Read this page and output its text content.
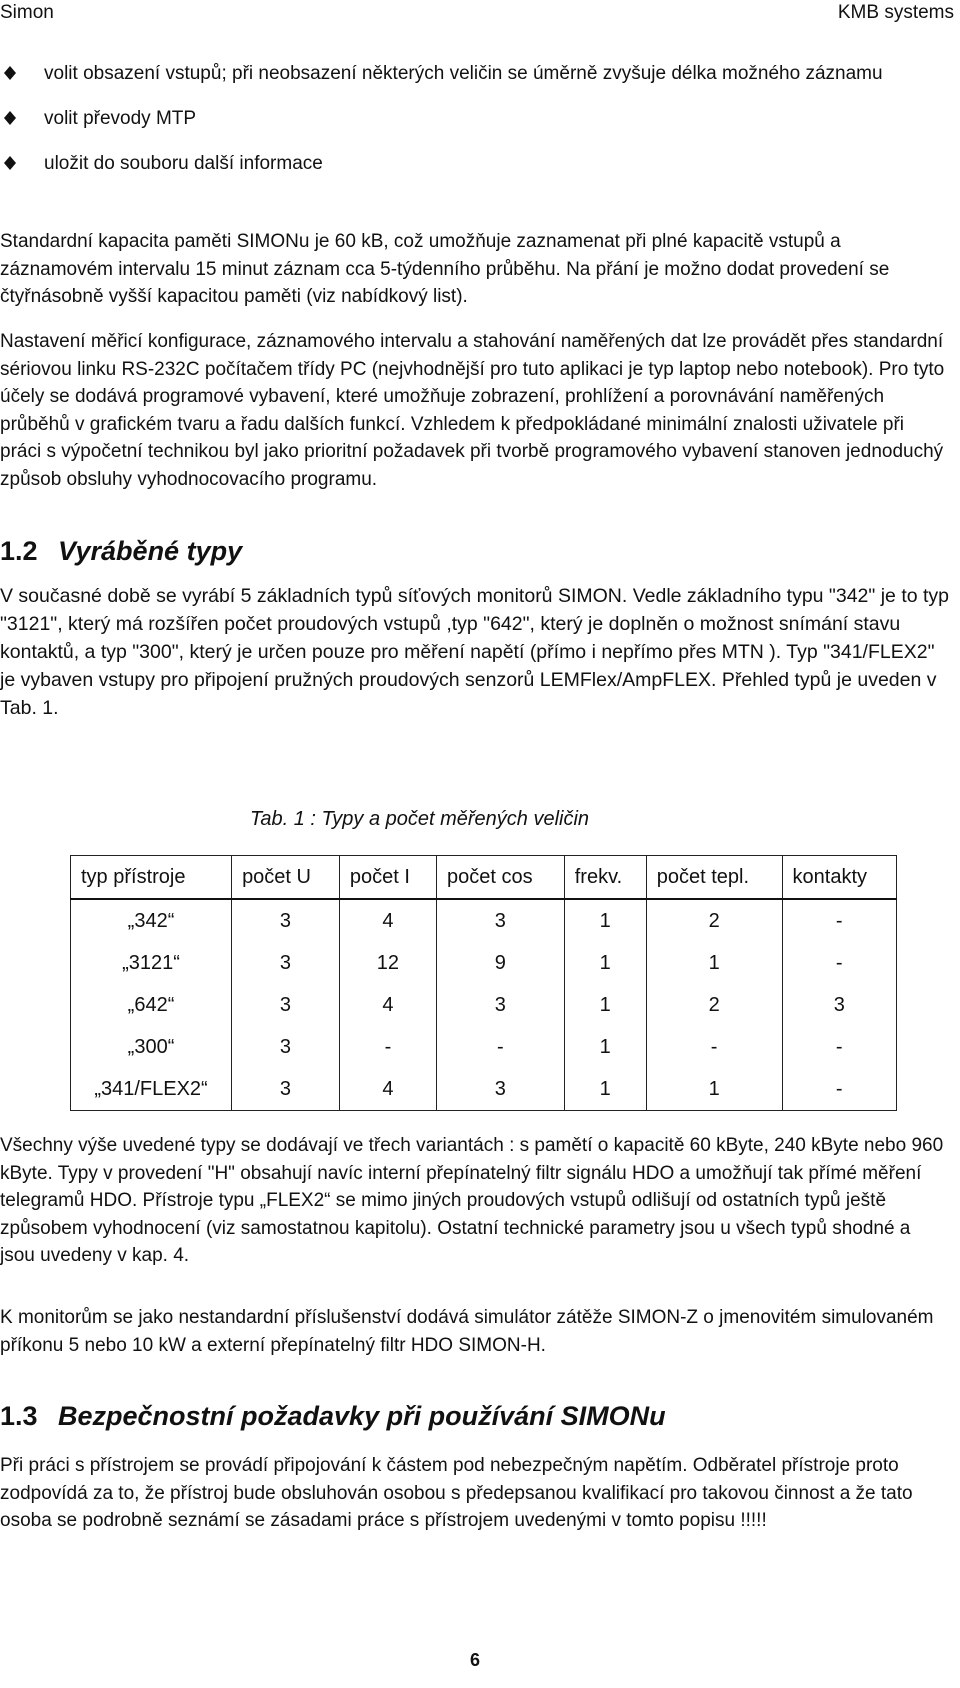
Simon	KMB systems
volit obsazení vstupů; při neobsazení některých veličin se úměrně zvyšuje délka možného záznamu
volit převody MTP
uložit do souboru další informace

Standardní kapacita paměti SIMONu je 60 kB, což umožňuje zaznamenat při plné kapacitě vstupů a záznamovém intervalu 15 minut záznam cca 5-týdenního průběhu. Na přání je možno dodat provedení se čtyřnásobně vyšší kapacitou paměti (viz nabídkový list).

Nastavení měřicí konfigurace, záznamového intervalu a stahování naměřených dat lze provádět přes standardní sériovou linku RS-232C počítačem třídy PC (nejvhodnější pro tuto aplikaci je typ laptop nebo notebook). Pro tyto účely se dodává programové vybavení, které umožňuje zobrazení, prohlížení a porovnávání naměřených průběhů v grafickém tvaru a řadu dalších funkcí. Vzhledem k předpokládané minimální znalosti uživatele při práci s výpočetní technikou byl jako prioritní požadavek při tvorbě programového vybavení stanoven jednoduchý způsob obsluhy vyhodnocovacího programu.

1.2 Vyráběné typy

V současné době se vyrábí 5 základních typů síťových monitorů SIMON. Vedle základního typu "342" je to typ "3121", který má rozšířen počet proudových vstupů ,typ "642", který je doplněn o možnost snímání stavu kontaktů, a typ "300", který je určen pouze pro měření napětí (přímo i nepřímo přes MTN ). Typ "341/FLEX2" je vybaven vstupy pro připojení pružných proudových senzorů LEMFlex/AmpFLEX. Přehled typů je uveden v Tab. 1.

Tab. 1 : Typy a počet měřených veličin
typ přístroje	počet U	počet I	počet cos	frekv.	počet tepl.	kontakty
„342“	3	4	3	1	2	-
„3121“	3	12	9	1	1	-
„642“	3	4	3	1	2	3
„300“	3	-	-	1	-	-
„341/FLEX2“	3	4	3	1	1	-

Všechny výše uvedené typy se dodávají ve třech variantách : s pamětí o kapacitě 60 kByte, 240 kByte nebo 960 kByte. Typy v provedení "H" obsahují navíc interní přepínatelný filtr signálu HDO a umožňují tak přímé měření telegramů HDO. Přístroje typu „FLEX2“ se mimo jiných proudových vstupů odlišují od ostatních typů ještě způsobem vyhodnocení (viz samostatnou kapitolu). Ostatní technické parametry jsou u všech typů shodné a jsou uvedeny v kap. 4.

K monitorům se jako nestandardní příslušenství dodává simulátor zátěže SIMON-Z o jmenovitém simulovaném příkonu 5 nebo 10 kW a externí přepínatelný filtr HDO SIMON-H.

1.3 Bezpečnostní požadavky při používání SIMONu

Při práci s přístrojem se provádí připojování k částem pod nebezpečným napětím. Odběratel přístroje proto zodpovídá za to, že přístroj bude obsluhován osobou s předepsanou kvalifikací pro takovou činnost a že tato osoba se podrobně seznámí se zásadami práce s přístrojem uvedenými v tomto popisu !!!!!

6
